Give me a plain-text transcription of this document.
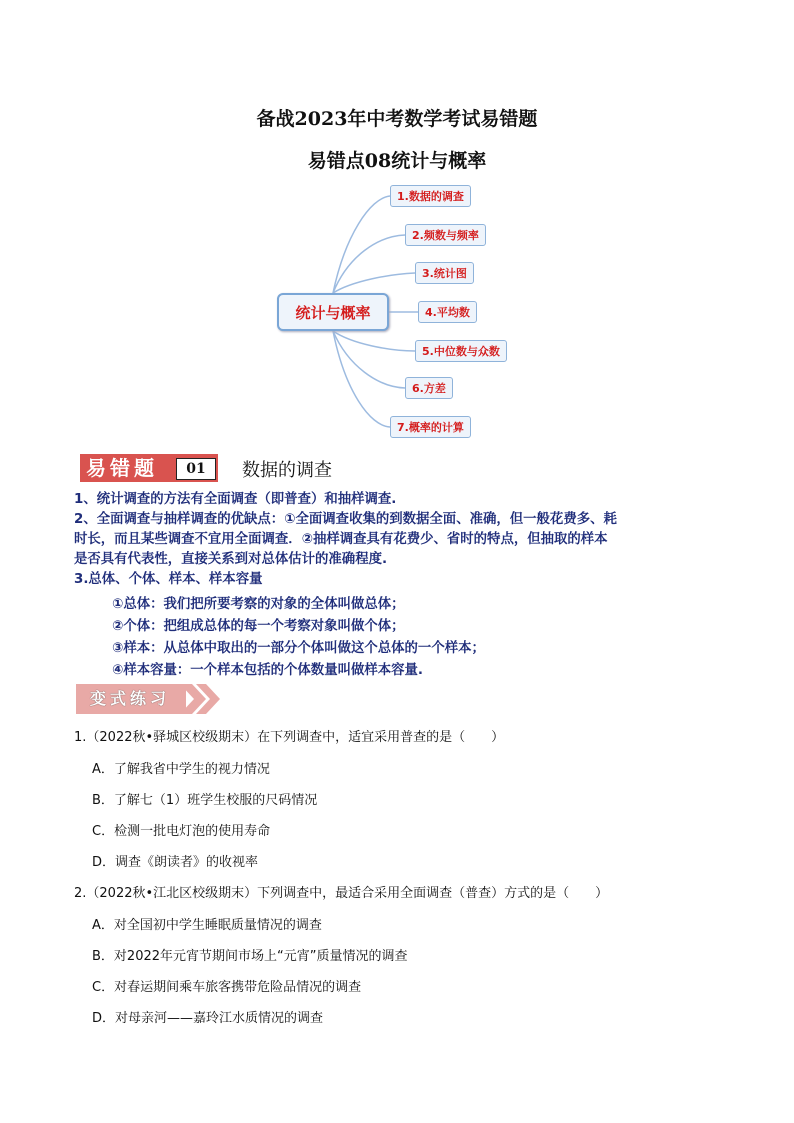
备战2023年中考数学考试易错题
易错点08统计与概率
统计与概率
1.数据的调查
2.频数与频率
3.统计图
4.平均数
5.中位数与众数
6.方差
7.概率的计算
易错题	01	数据的调查

1、统计调查的方法有全面调查（即普查）和抽样调查.

2、全面调查与抽样调查的优缺点：①全面调查收集的到数据全面、准确，但一般花费多、耗

时长，而且某些调查不宜用全面调查．②抽样调查具有花费少、省时的特点，但抽取的样本

是否具有代表性，直接关系到对总体估计的准确程度.

3.总体、个体、样本、样本容量

①总体：我们把所要考察的对象的全体叫做总体；

②个体：把组成总体的每一个考察对象叫做个体；

③样本：从总体中取出的一部分个体叫做这个总体的一个样本；

④样本容量：一个样本包括的个体数量叫做样本容量.

变式练习
1.（2022秋•驿城区校级期末）在下列调查中，适宜采用普查的是（　　）
A．了解我省中学生的视力情况
B．了解七（1）班学生校服的尺码情况
C．检测一批电灯泡的使用寿命
D．调查《朗读者》的收视率
2.（2022秋•江北区校级期末）下列调查中，最适合采用全面调查（普查）方式的是（　　）
A．对全国初中学生睡眠质量情况的调查
B．对2022年元宵节期间市场上“元宵”质量情况的调查
C．对春运期间乘车旅客携带危险品情况的调查
D．对母亲河——嘉玲江水质情况的调查
